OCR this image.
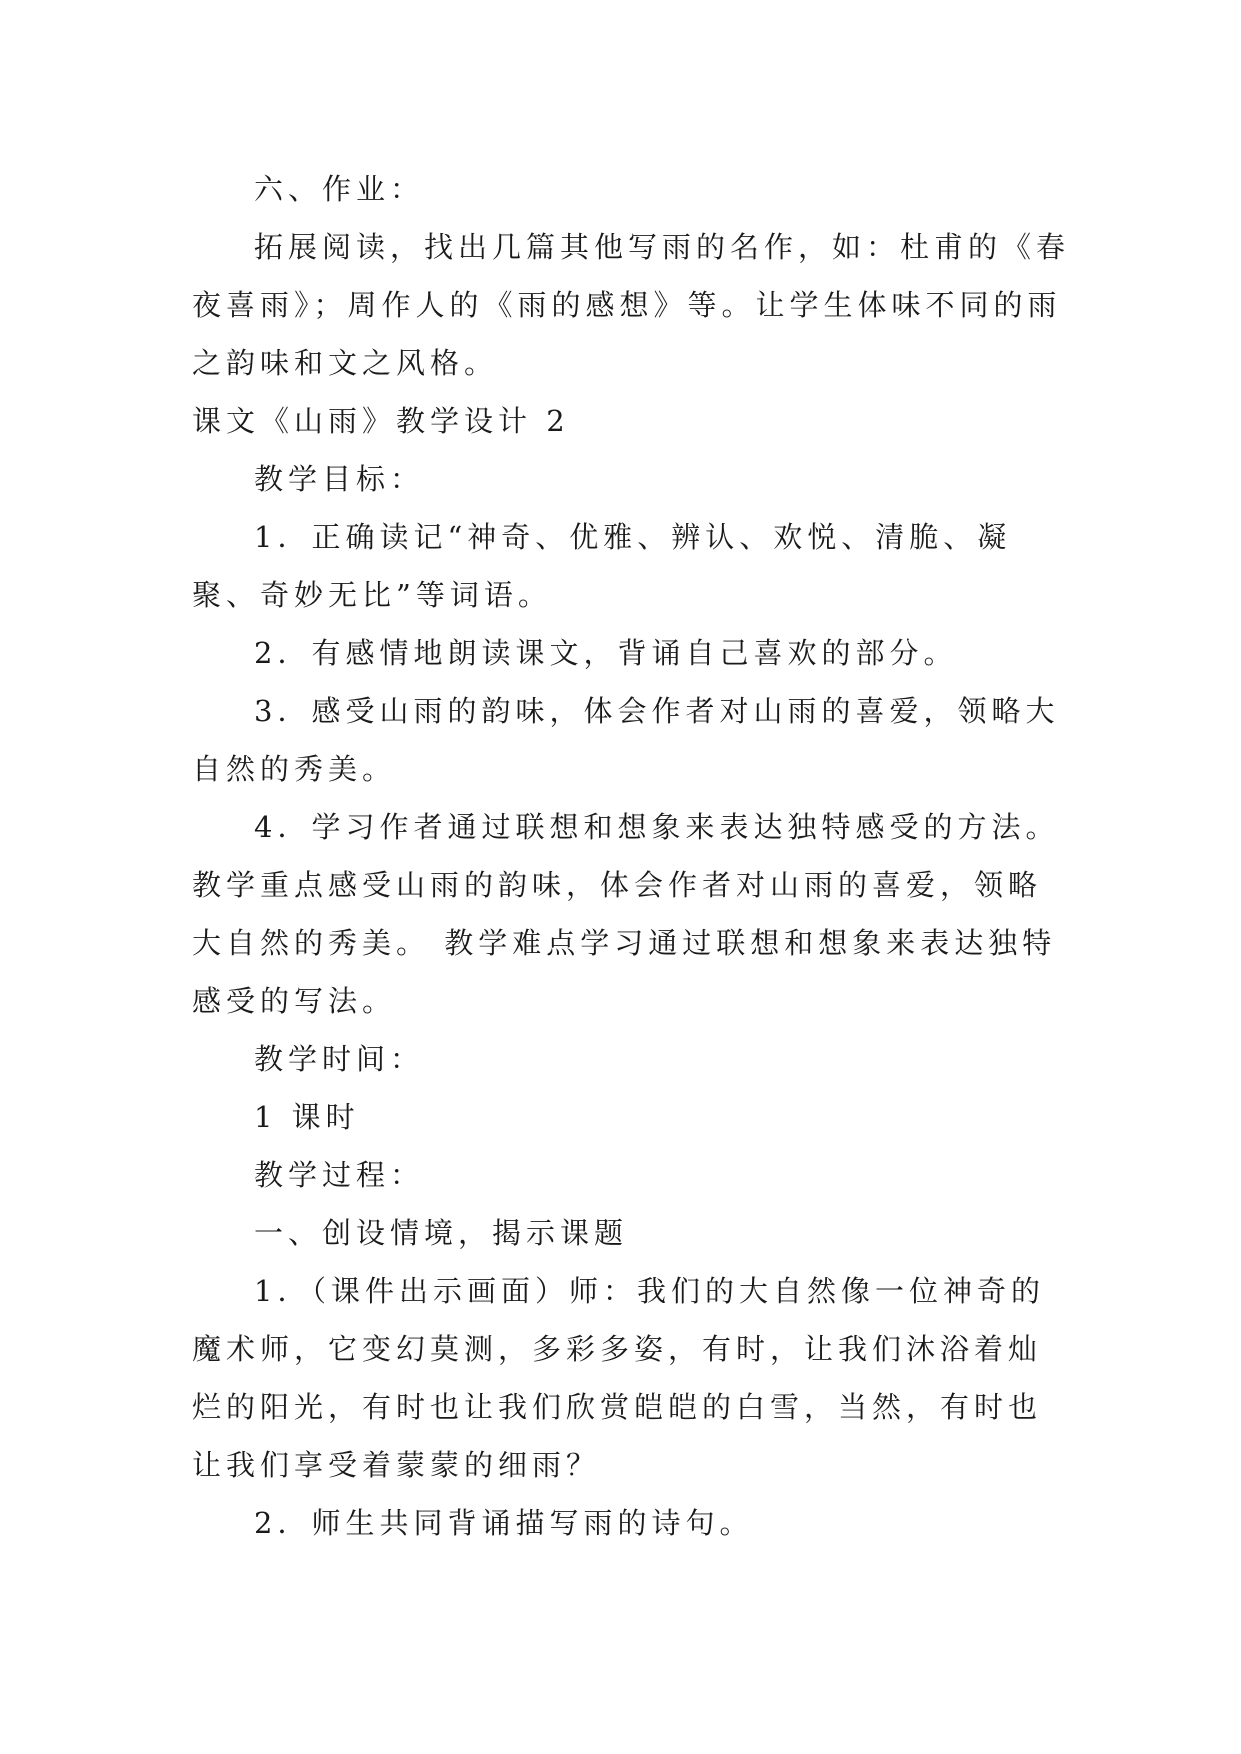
六、作业：

拓展阅读，找出几篇其他写雨的名作，如：杜甫的《春夜喜雨》；周作人的《雨的感想》等。让学生体味不同的雨之韵味和文之风格。

课文《山雨》教学设计 2

教学目标：

1．正确读记“神奇、优雅、辨认、欢悦、清脆、凝聚、奇妙无比”等词语。

2．有感情地朗读课文，背诵自己喜欢的部分。

3．感受山雨的韵味，体会作者对山雨的喜爱，领略大自然的秀美。

4．学习作者通过联想和想象来表达独特感受的方法。

教学重点感受山雨的韵味，体会作者对山雨的喜爱，领略大自然的秀美。 教学难点学习通过联想和想象来表达独特感受的写法。

教学时间：

1 课时

教学过程：

一、创设情境，揭示课题

1．（课件出示画面）师：我们的大自然像一位神奇的魔术师，它变幻莫测，多彩多姿，有时，让我们沐浴着灿烂的阳光，有时也让我们欣赏皑皑的白雪，当然，有时也让我们享受着蒙蒙的细雨？

2．师生共同背诵描写雨的诗句。
